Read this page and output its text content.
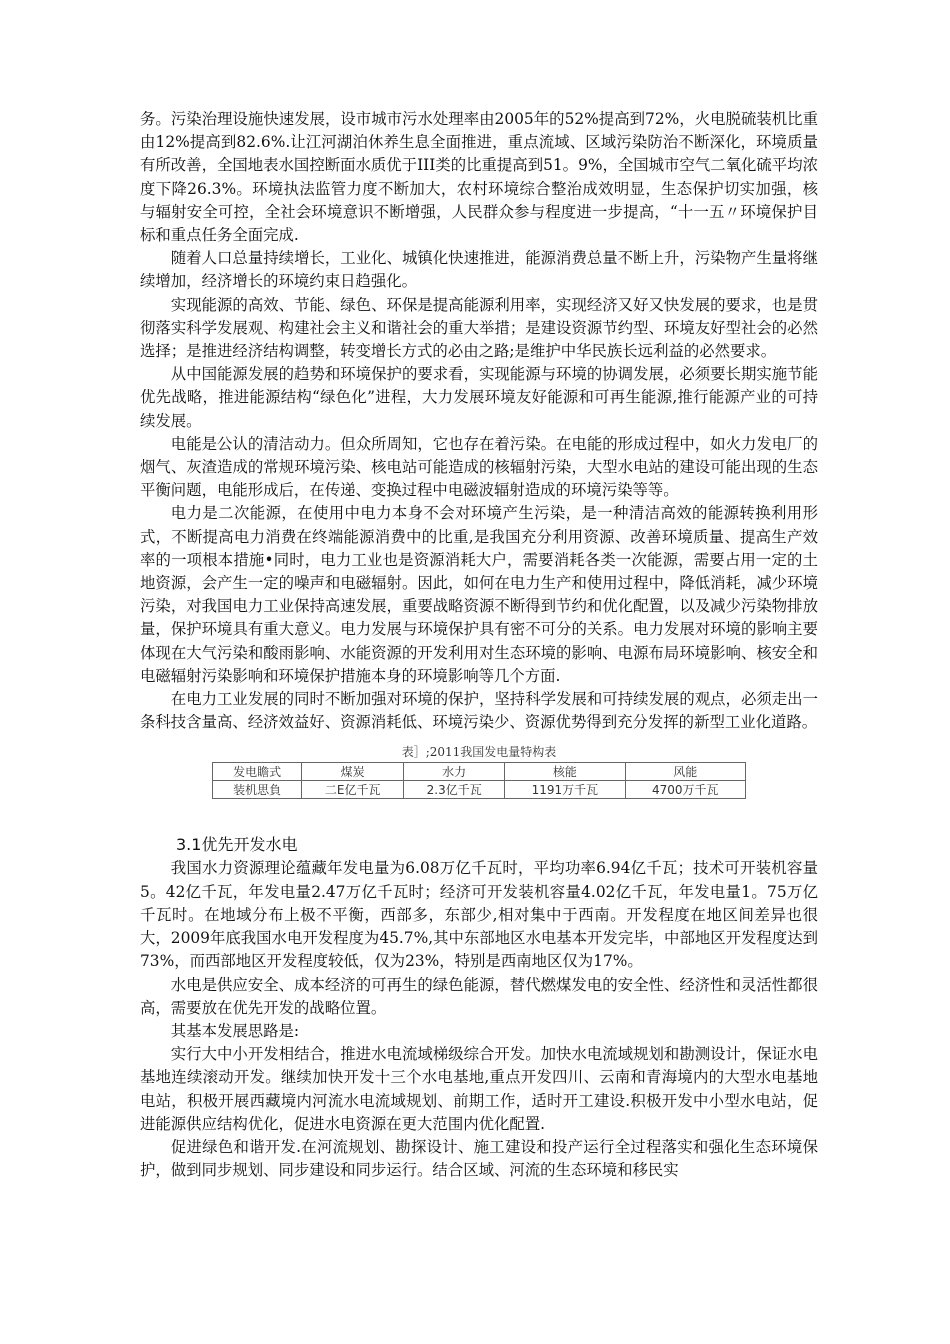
务。污染治理设施快速发展，设市城市污水处理率由2005年的52%提高到72%，火电脱硫装机比重由12%提高到82.6%.让江河湖泊休养生息全面推进，重点流域、区域污染防治不断深化，环境质量有所改善，全国地表水国控断面水质优于III类的比重提高到51。9%，全国城市空气二氧化硫平均浓度下降26.3%。环境执法监管力度不断加大，农村环境综合整治成效明显，生态保护切实加强，核与辐射安全可控，全社会环境意识不断增强，人民群众参与程度进一步提高，“十一五〃环境保护目标和重点任务全面完成.

随着人口总量持续增长，工业化、城镇化快速推进，能源消费总量不断上升，污染物产生量将继续增加，经济增长的环境约束日趋强化。

实现能源的高效、节能、绿色、环保是提高能源利用率，实现经济又好又快发展的要求，也是贯彻落实科学发展观、构建社会主义和谐社会的重大举措；是建设资源节约型、环境友好型社会的必然选择；是推进经济结构调整，转变增长方式的必由之路;是维护中华民族长远利益的必然要求。

从中国能源发展的趋势和环境保护的要求看，实现能源与环境的协调发展，必须要长期实施节能优先战略，推进能源结构“绿色化”进程，大力发展环境友好能源和可再生能源,推行能源产业的可持续发展。

电能是公认的清洁动力。但众所周知，它也存在着污染。在电能的形成过程中，如火力发电厂的烟气、灰渣造成的常规环境污染、核电站可能造成的核辐射污染，大型水电站的建设可能出现的生态平衡问题，电能形成后，在传递、变换过程中电磁波辐射造成的环境污染等等。

电力是二次能源，在使用中电力本身不会对环境产生污染，是一种清洁高效的能源转换利用形式，不断提高电力消费在终端能源消费中的比重,是我国充分利用资源、改善环境质量、提高生产效率的一项根本措施•同时，电力工业也是资源消耗大户，需要消耗各类一次能源，需要占用一定的土地资源，会产生一定的噪声和电磁辐射。因此，如何在电力生产和使用过程中，降低消耗，减少环境污染，对我国电力工业保持高速发展，重要战略资源不断得到节约和优化配置，以及减少污染物排放量，保护环境具有重大意义。电力发展与环境保护具有密不可分的关系。电力发展对环境的影响主要体现在大气污染和酸雨影响、水能资源的开发利用对生态环境的影响、电源布局环境影响、核安全和电磁辐射污染影响和环境保护措施本身的环境影响等几个方面.

在电力工业发展的同时不断加强对环境的保护，坚持科学发展和可持续发展的观点，必须走出一条科技含量高、经济效益好、资源消耗低、环境污染少、资源优势得到充分发挥的新型工业化道路。

表］;2011我国发电量特构表
发电瞻式	煤炭	水力	核能	风能
装机思負	二E亿千瓦	2.3亿千瓦	1191万千瓦	4700万千瓦
3.1优先开发水电

我国水力资源理论蕴藏年发电量为6.08万亿千瓦时，平均功率6.94亿千瓦；技术可开装机容量5。42亿千瓦，年发电量2.47万亿千瓦时；经济可开发装机容量4.02亿千瓦，年发电量1。75万亿千瓦时。在地域分布上极不平衡，西部多，东部少,相对集中于西南。开发程度在地区间差异也很大，2009年底我国水电开发程度为45.7%,其中东部地区水电基本开发完毕，中部地区开发程度达到73%，而西部地区开发程度较低，仅为23%，特别是西南地区仅为17%。

水电是供应安全、成本经济的可再生的绿色能源，替代燃煤发电的安全性、经济性和灵活性都很高，需要放在优先开发的战略位置。

其基本发展思路是:

实行大中小开发相结合，推进水电流域梯级综合开发。加快水电流域规划和勘测设计，保证水电基地连续滚动开发。继续加快开发十三个水电基地,重点开发四川、云南和青海境内的大型水电基地电站，积极开展西藏境内河流水电流域规划、前期工作，适时开工建设.积极开发中小型水电站，促进能源供应结构优化，促进水电资源在更大范围内优化配置.

促进绿色和谐开发.在河流规划、勘探设计、施工建设和投产运行全过程落实和强化生态环境保护，做到同步规划、同步建设和同步运行。结合区域、河流的生态环境和移民实
